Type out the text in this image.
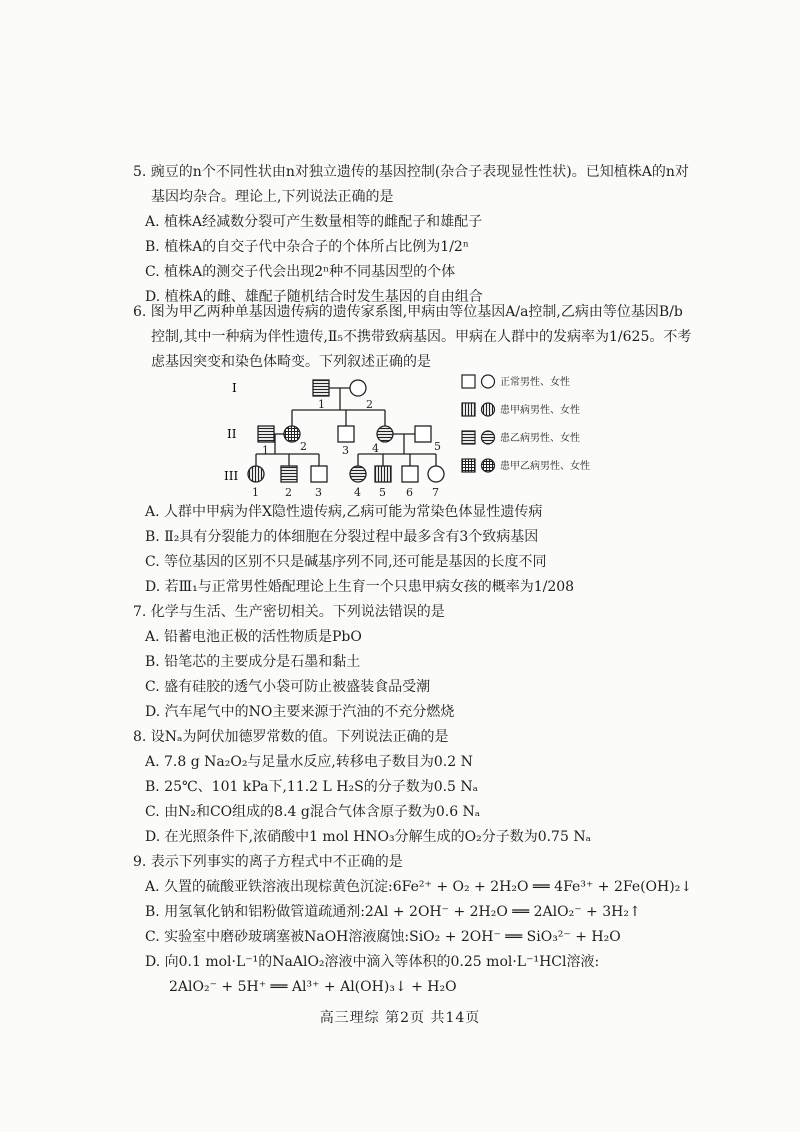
5. 豌豆的n个不同性状由n对独立遗传的基因控制(杂合子表现显性性状)。已知植株A的n对基因均杂合。理论上,下列说法正确的是
A. 植株A经减数分裂可产生数量相等的雌配子和雄配子
B. 植株A的自交子代中杂合子的个体所占比例为1/2ⁿ
C. 植株A的测交子代会出现2ⁿ种不同基因型的个体
D. 植株A的雌、雄配子随机结合时发生基因的自由组合
6. 图为甲乙两种单基因遗传病的遗传家系图,甲病由等位基因A/a控制,乙病由等位基因B/b控制,其中一种病为伴性遗传,Ⅱ₅不携带致病基因。甲病在人群中的发病率为1/625。不考虑基因突变和染色体畸变。下列叙述正确的是
I
II
III
1	2
1	2	3 4	5
1 2 3	4 5 6 7
正常男性、女性
患甲病男性、女性
患乙病男性、女性
患甲乙病男性、女性
A. 人群中甲病为伴X隐性遗传病,乙病可能为常染色体显性遗传病
B. Ⅱ₂具有分裂能力的体细胞在分裂过程中最多含有3个致病基因
C. 等位基因的区别不只是碱基序列不同,还可能是基因的长度不同
D. 若Ⅲ₁与正常男性婚配理论上生育一个只患甲病女孩的概率为1/208
7. 化学与生活、生产密切相关。下列说法错误的是
A. 铅蓄电池正极的活性物质是PbO
B. 铅笔芯的主要成分是石墨和黏土
C. 盛有硅胶的透气小袋可防止被盛装食品受潮
D. 汽车尾气中的NO主要来源于汽油的不充分燃烧
8. 设Nₐ为阿伏加德罗常数的值。下列说法正确的是
A. 7.8 g Na₂O₂与足量水反应,转移电子数目为0.2 N
B. 25℃、101 kPa下,11.2 L H₂S的分子数为0.5 Nₐ
C. 由N₂和CO组成的8.4 g混合气体含原子数为0.6 Nₐ
D. 在光照条件下,浓硝酸中1 mol HNO₃分解生成的O₂分子数为0.75 Nₐ
9. 表示下列事实的离子方程式中不正确的是
A. 久置的硫酸亚铁溶液出现棕黄色沉淀:6Fe²⁺ + O₂ + 2H₂O ══ 4Fe³⁺ + 2Fe(OH)₂↓
B. 用氢氧化钠和铝粉做管道疏通剂:2Al + 2OH⁻ + 2H₂O ══ 2AlO₂⁻ + 3H₂↑
C. 实验室中磨砂玻璃塞被NaOH溶液腐蚀:SiO₂ + 2OH⁻ ══ SiO₃²⁻ + H₂O
D. 向0.1 mol·L⁻¹的NaAlO₂溶液中滴入等体积的0.25 mol·L⁻¹HCl溶液:
2AlO₂⁻ + 5H⁺ ══ Al³⁺ + Al(OH)₃↓ + H₂O
高三理综 第2页 共14页
